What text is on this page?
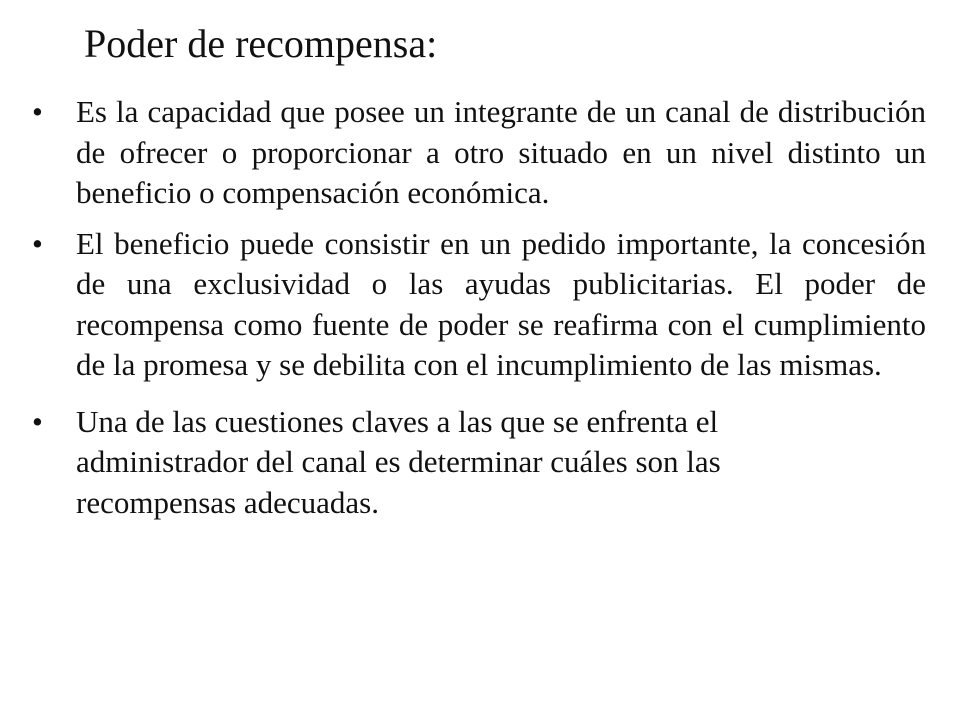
Poder de recompensa:
• Es la capacidad que posee un integrante de un canal de distribución de ofrecer o proporcionar a otro situado en un nivel distinto un beneficio o compensación económica.
• El beneficio puede consistir en un pedido importante, la concesión de una exclusividad o las ayudas publicitarias. El poder de recompensa como fuente de poder se reafirma con el cumplimiento de la promesa y se debilita con el incumplimiento de las mismas.
• Una de las cuestiones claves a las que se enfrenta el administrador del canal es determinar cuáles son las recompensas adecuadas.
